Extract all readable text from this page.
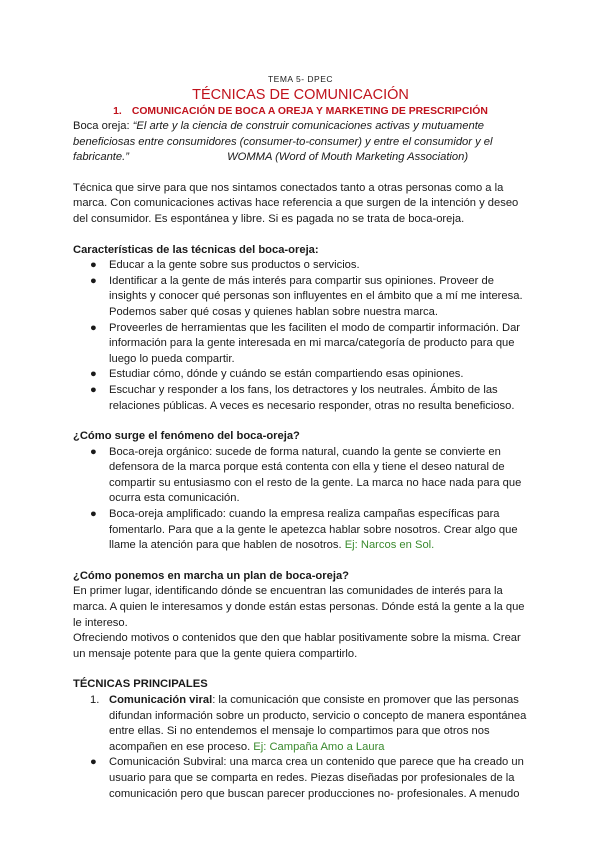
TEMA 5- DPEC
TÉCNICAS DE COMUNICACIÓN
1. COMUNICACIÓN DE BOCA A OREJA Y MARKETING DE PRESCRIPCIÓN

Boca oreja: “El arte y la ciencia de construir comunicaciones activas y mutuamente beneficiosas entre consumidores (consumer-to-consumer) y entre el consumidor y el fabricante.”	WOMMA (Word of Mouth Marketing Association)

Técnica que sirve para que nos sintamos conectados tanto a otras personas como a la marca. Con comunicaciones activas hace referencia a que surgen de la intención y deseo del consumidor. Es espontánea y libre. Si es pagada no se trata de boca-oreja.

Características de las técnicas del boca-oreja:

● Educar a la gente sobre sus productos o servicios.
● Identificar a la gente de más interés para compartir sus opiniones. Proveer de insights y conocer qué personas son influyentes en el ámbito que a mí me interesa. Podemos saber qué cosas y quienes hablan sobre nuestra marca.
● Proveerles de herramientas que les faciliten el modo de compartir información. Dar información para la gente interesada en mi marca/categoría de producto para que luego lo pueda compartir.
● Estudiar cómo, dónde y cuándo se están compartiendo esas opiniones.
● Escuchar y responder a los fans, los detractores y los neutrales. Ámbito de las relaciones públicas. A veces es necesario responder, otras no resulta beneficioso.

¿Cómo surge el fenómeno del boca-oreja?

● Boca-oreja orgánico: sucede de forma natural, cuando la gente se convierte en defensora de la marca porque está contenta con ella y tiene el deseo natural de compartir su entusiasmo con el resto de la gente. La marca no hace nada para que ocurra esta comunicación.
● Boca-oreja amplificado: cuando la empresa realiza campañas específicas para fomentarlo. Para que a la gente le apetezca hablar sobre nosotros. Crear algo que llame la atención para que hablen de nosotros. Ej: Narcos en Sol.

¿Cómo ponemos en marcha un plan de boca-oreja?

En primer lugar, identificando dónde se encuentran las comunidades de interés para la marca. A quien le interesamos y donde están estas personas. Dónde está la gente a la que le intereso.

Ofreciendo motivos o contenidos que den que hablar positivamente sobre la misma. Crear un mensaje potente para que la gente quiera compartirlo.

TÉCNICAS PRINCIPALES

1. Comunicación viral: la comunicación que consiste en promover que las personas difundan información sobre un producto, servicio o concepto de manera espontánea entre ellas. Si no entendemos el mensaje lo compartimos para que otros nos acompañen en ese proceso. Ej: Campaña Amo a Laura
● Comunicación Subviral: una marca crea un contenido que parece que ha creado un usuario para que se comparta en redes. Piezas diseñadas por profesionales de la comunicación pero que buscan parecer producciones no- profesionales. A menudo
